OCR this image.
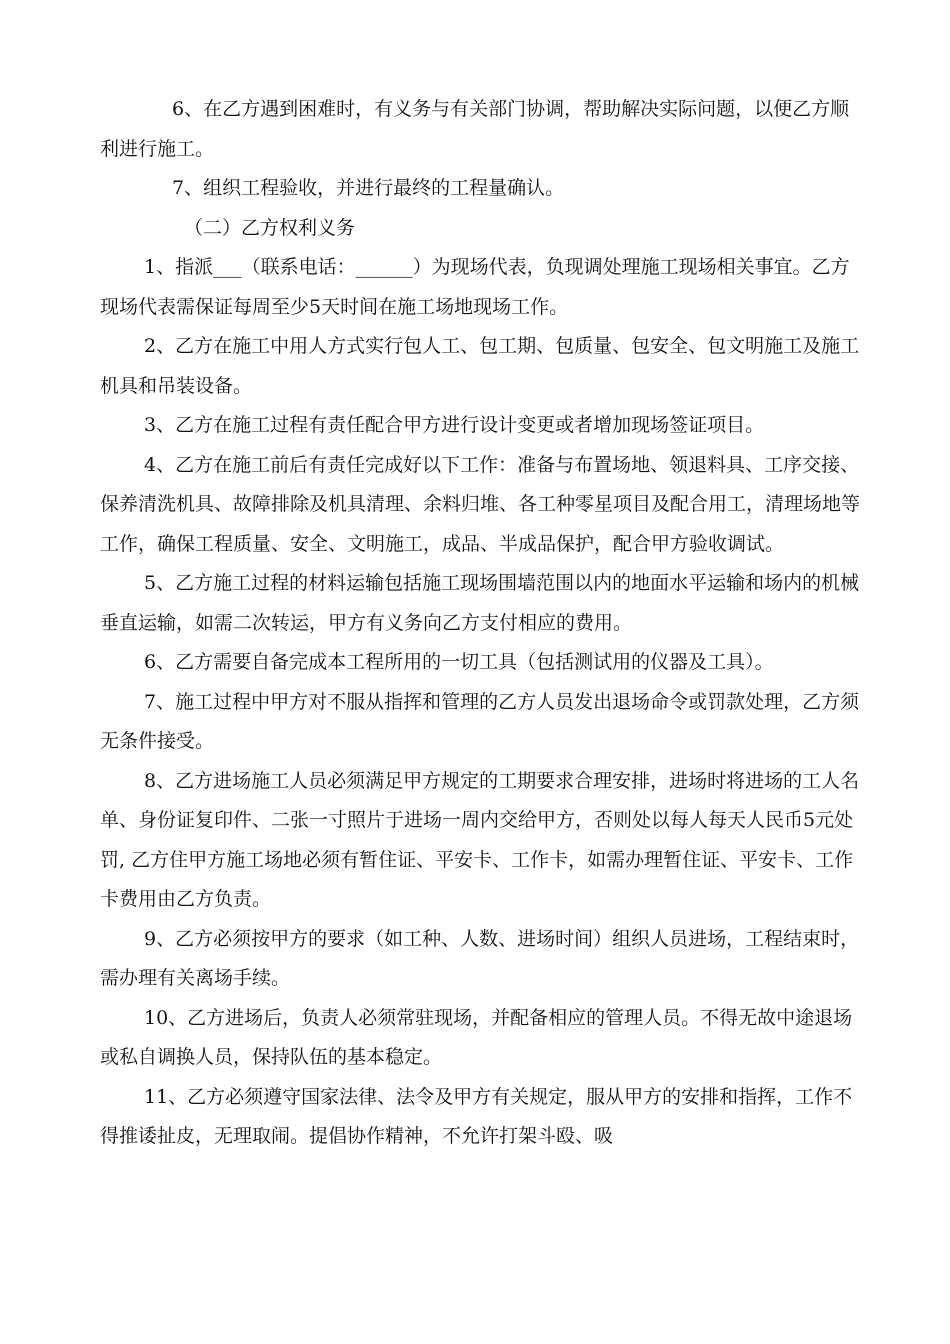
6、在乙方遇到困难时，有义务与有关部门协调，帮助解决实际问题，以便乙方顺利进行施工。

7、组织工程验收，并进行最终的工程量确认。

（二）乙方权利义务

1、指派___（联系电话：______）为现场代表，负现调处理施工现场相关事宜。乙方现场代表需保证每周至少5天时间在施工场地现场工作。

2、乙方在施工中用人方式实行包人工、包工期、包质量、包安全、包文明施工及施工机具和吊装设备。

3、乙方在施工过程有责任配合甲方进行设计变更或者增加现场签证项目。

4、乙方在施工前后有责任完成好以下工作：准备与布置场地、领退料具、工序交接、保养清洗机具、故障排除及机具清理、余料归堆、各工种零星项目及配合用工，清理场地等工作，确保工程质量、安全、文明施工，成品、半成品保护，配合甲方验收调试。

5、乙方施工过程的材料运输包括施工现场围墙范围以内的地面水平运输和场内的机械垂直运输，如需二次转运，甲方有义务向乙方支付相应的费用。

6、乙方需要自备完成本工程所用的一切工具（包括测试用的仪器及工具）。

7、施工过程中甲方对不服从指挥和管理的乙方人员发出退场命令或罚款处理，乙方须无条件接受。

8、乙方进场施工人员必须满足甲方规定的工期要求合理安排，进场时将进场的工人名单、身份证复印件、二张一寸照片于进场一周内交给甲方，否则处以每人每天人民币5元处罚, 乙方住甲方施工场地必须有暂住证、平安卡、工作卡，如需办理暂住证、平安卡、工作卡费用由乙方负责。

9、乙方必须按甲方的要求（如工种、人数、进场时间）组织人员进场，工程结束时，需办理有关离场手续。

10、乙方进场后，负责人必须常驻现场，并配备相应的管理人员。不得无故中途退场或私自调换人员，保持队伍的基本稳定。

11、乙方必须遵守国家法律、法令及甲方有关规定，服从甲方的安排和指挥，工作不得推诿扯皮，无理取闹。提倡协作精神，不允许打架斗殴、吸
